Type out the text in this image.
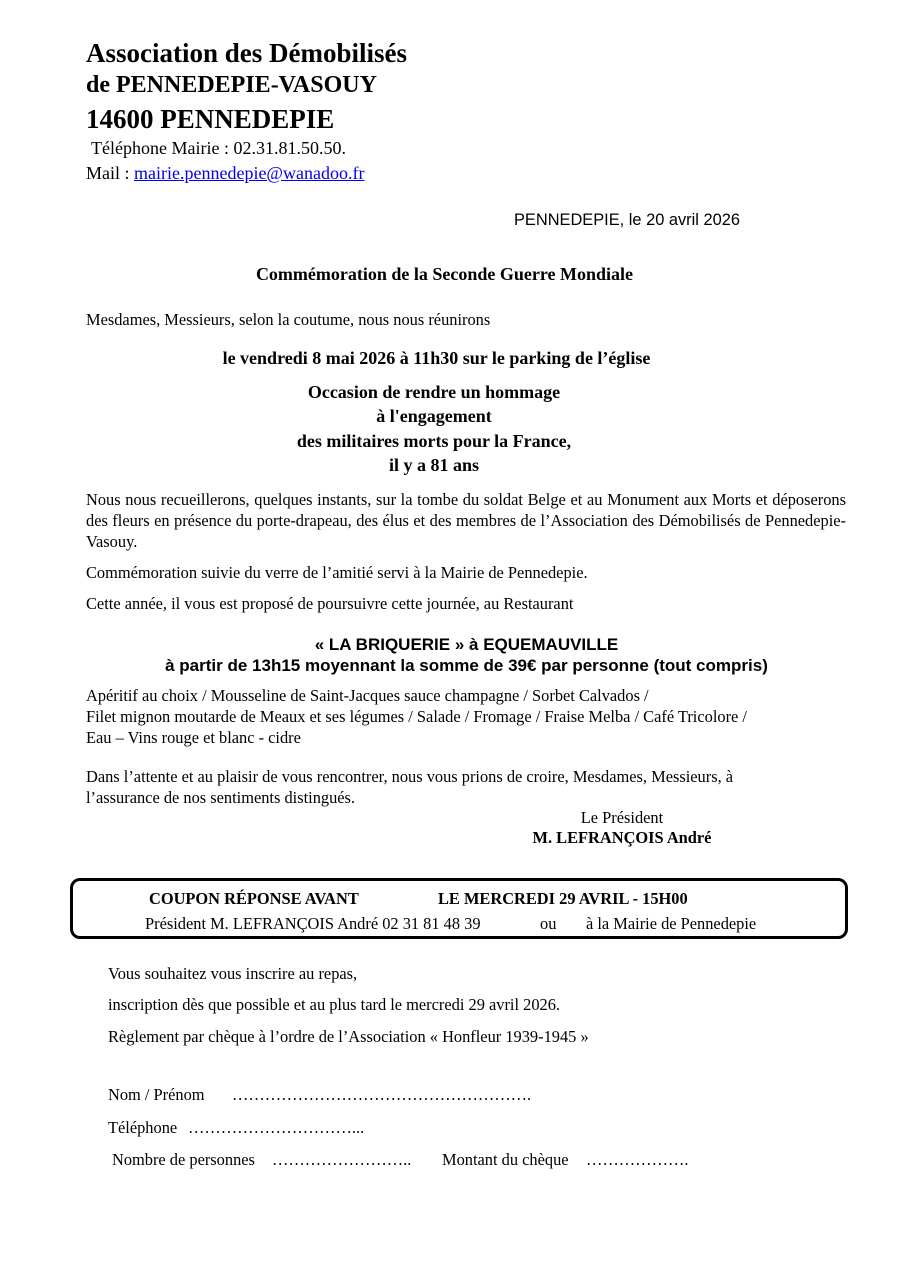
Association des Démobilisés
de PENNEDEPIE-VASOUY
14600 PENNEDEPIE
Téléphone Mairie : 02.31.81.50.50.
Mail : mairie.pennedepie@wanadoo.fr
PENNEDEPIE, le 20 avril 2026
Commémoration de la Seconde Guerre Mondiale
Mesdames, Messieurs, selon la coutume, nous nous réunirons
le vendredi 8 mai 2026 à 11h30 sur le parking de l’église
Occasion de rendre un hommage
à l'engagement
des militaires morts pour la France,
il y a 81 ans
Nous nous recueillerons, quelques instants, sur la tombe du soldat Belge et au Monument aux Morts et déposerons des fleurs en présence du porte-drapeau, des élus et des membres de l’Association des Démobilisés de Pennedepie-Vasouy.
Commémoration suivie du verre de l’amitié servi à la Mairie de Pennedepie.
Cette année, il vous est proposé de poursuivre cette journée, au Restaurant
« LA BRIQUERIE » à EQUEMAUVILLE
à partir de 13h15 moyennant la somme de 39€ par personne (tout compris)
Apéritif au choix / Mousseline de Saint-Jacques sauce champagne / Sorbet Calvados /
Filet mignon moutarde de Meaux et ses légumes / Salade / Fromage / Fraise Melba / Café Tricolore /
Eau – Vins rouge et blanc - cidre
Dans l’attente et au plaisir de vous rencontrer, nous vous prions de croire, Mesdames, Messieurs, à
l’assurance de nos sentiments distingués.
Le Président
M. LEFRANÇOIS André
COUPON RÉPONSE AVANT	LE MERCREDI 29 AVRIL - 15H00
Président M. LEFRANÇOIS André 02 31 81 48 39	ou à la Mairie de Pennedepie
Vous souhaitez vous inscrire au repas,
inscription dès que possible et au plus tard le mercredi 29 avril 2026.
Règlement par chèque à l’ordre de l’Association « Honfleur 1939-1945 »
Nom / Prénom ……………………………………………….
Téléphone …………………………...
Nombre de personnes …………………….. Montant du chèque ……………….
